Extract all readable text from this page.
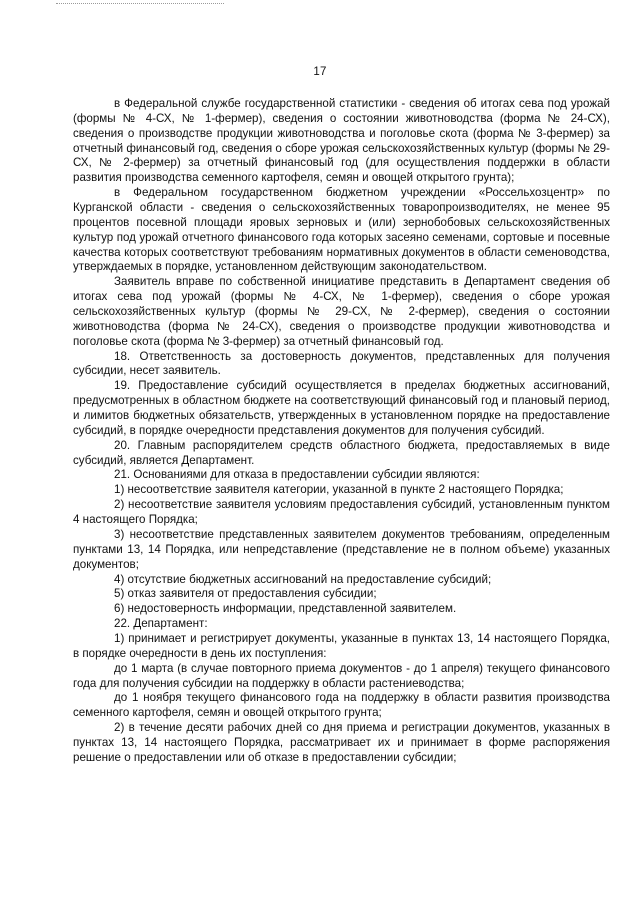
17

в Федеральной службе государственной статистики - сведения об итогах сева под урожай (формы № 4-СХ, № 1-фермер), сведения о состоянии животноводства (форма № 24-СХ), сведения о производстве продукции животноводства и поголовье скота (форма № 3-фермер) за отчетный финансовый год, сведения о сборе урожая сельскохозяйственных культур (формы № 29-СХ, № 2-фермер) за отчетный финансовый год (для осуществления поддержки в области развития производства семенного картофеля, семян и овощей открытого грунта);

в Федеральном государственном бюджетном учреждении «Россельхозцентр» по Курганской области - сведения о сельскохозяйственных товаропроизводителях, не менее 95 процентов посевной площади яровых зерновых и (или) зернобобовых сельскохозяйственных культур под урожай отчетного финансового года которых засеяно семенами, сортовые и посевные качества которых соответствуют требованиям нормативных документов в области семеноводства, утверждаемых в порядке, установленном действующим законодательством.

Заявитель вправе по собственной инициативе представить в Департамент сведения об итогах сева под урожай (формы № 4-СХ, № 1-фермер), сведения о сборе урожая сельскохозяйственных культур (формы № 29-СХ, № 2-фермер), сведения о состоянии животноводства (форма № 24-СХ), сведения о производстве продукции животноводства и поголовье скота (форма № 3-фермер) за отчетный финансовый год.

18. Ответственность за достоверность документов, представленных для получения субсидии, несет заявитель.

19. Предоставление субсидий осуществляется в пределах бюджетных ассигнований, предусмотренных в областном бюджете на соответствующий финансовый год и плановый период, и лимитов бюджетных обязательств, утвержденных в установленном порядке на предоставление субсидий, в порядке очередности представления документов для получения субсидий.

20. Главным распорядителем средств областного бюджета, предоставляемых в виде субсидий, является Департамент.

21. Основаниями для отказа в предоставлении субсидии являются:

1) несоответствие заявителя категории, указанной в пункте 2 настоящего Порядка;

2) несоответствие заявителя условиям предоставления субсидий, установленным пунктом 4 настоящего Порядка;

3) несоответствие представленных заявителем документов требованиям, определенным пунктами 13, 14 Порядка, или непредставление (представление не в полном объеме) указанных документов;

4) отсутствие бюджетных ассигнований на предоставление субсидий;

5) отказ заявителя от предоставления субсидии;

6) недостоверность информации, представленной заявителем.

22. Департамент:

1) принимает и регистрирует документы, указанные в пунктах 13, 14 настоящего Порядка, в порядке очередности в день их поступления:

до 1 марта (в случае повторного приема документов - до 1 апреля) текущего финансового года для получения субсидии на поддержку в области растениеводства;

до 1 ноября текущего финансового года на поддержку в области развития производства семенного картофеля, семян и овощей открытого грунта;

2) в течение десяти рабочих дней со дня приема и регистрации документов, указанных в пунктах 13, 14 настоящего Порядка, рассматривает их и принимает в форме распоряжения решение о предоставлении или об отказе в предоставлении субсидии;
